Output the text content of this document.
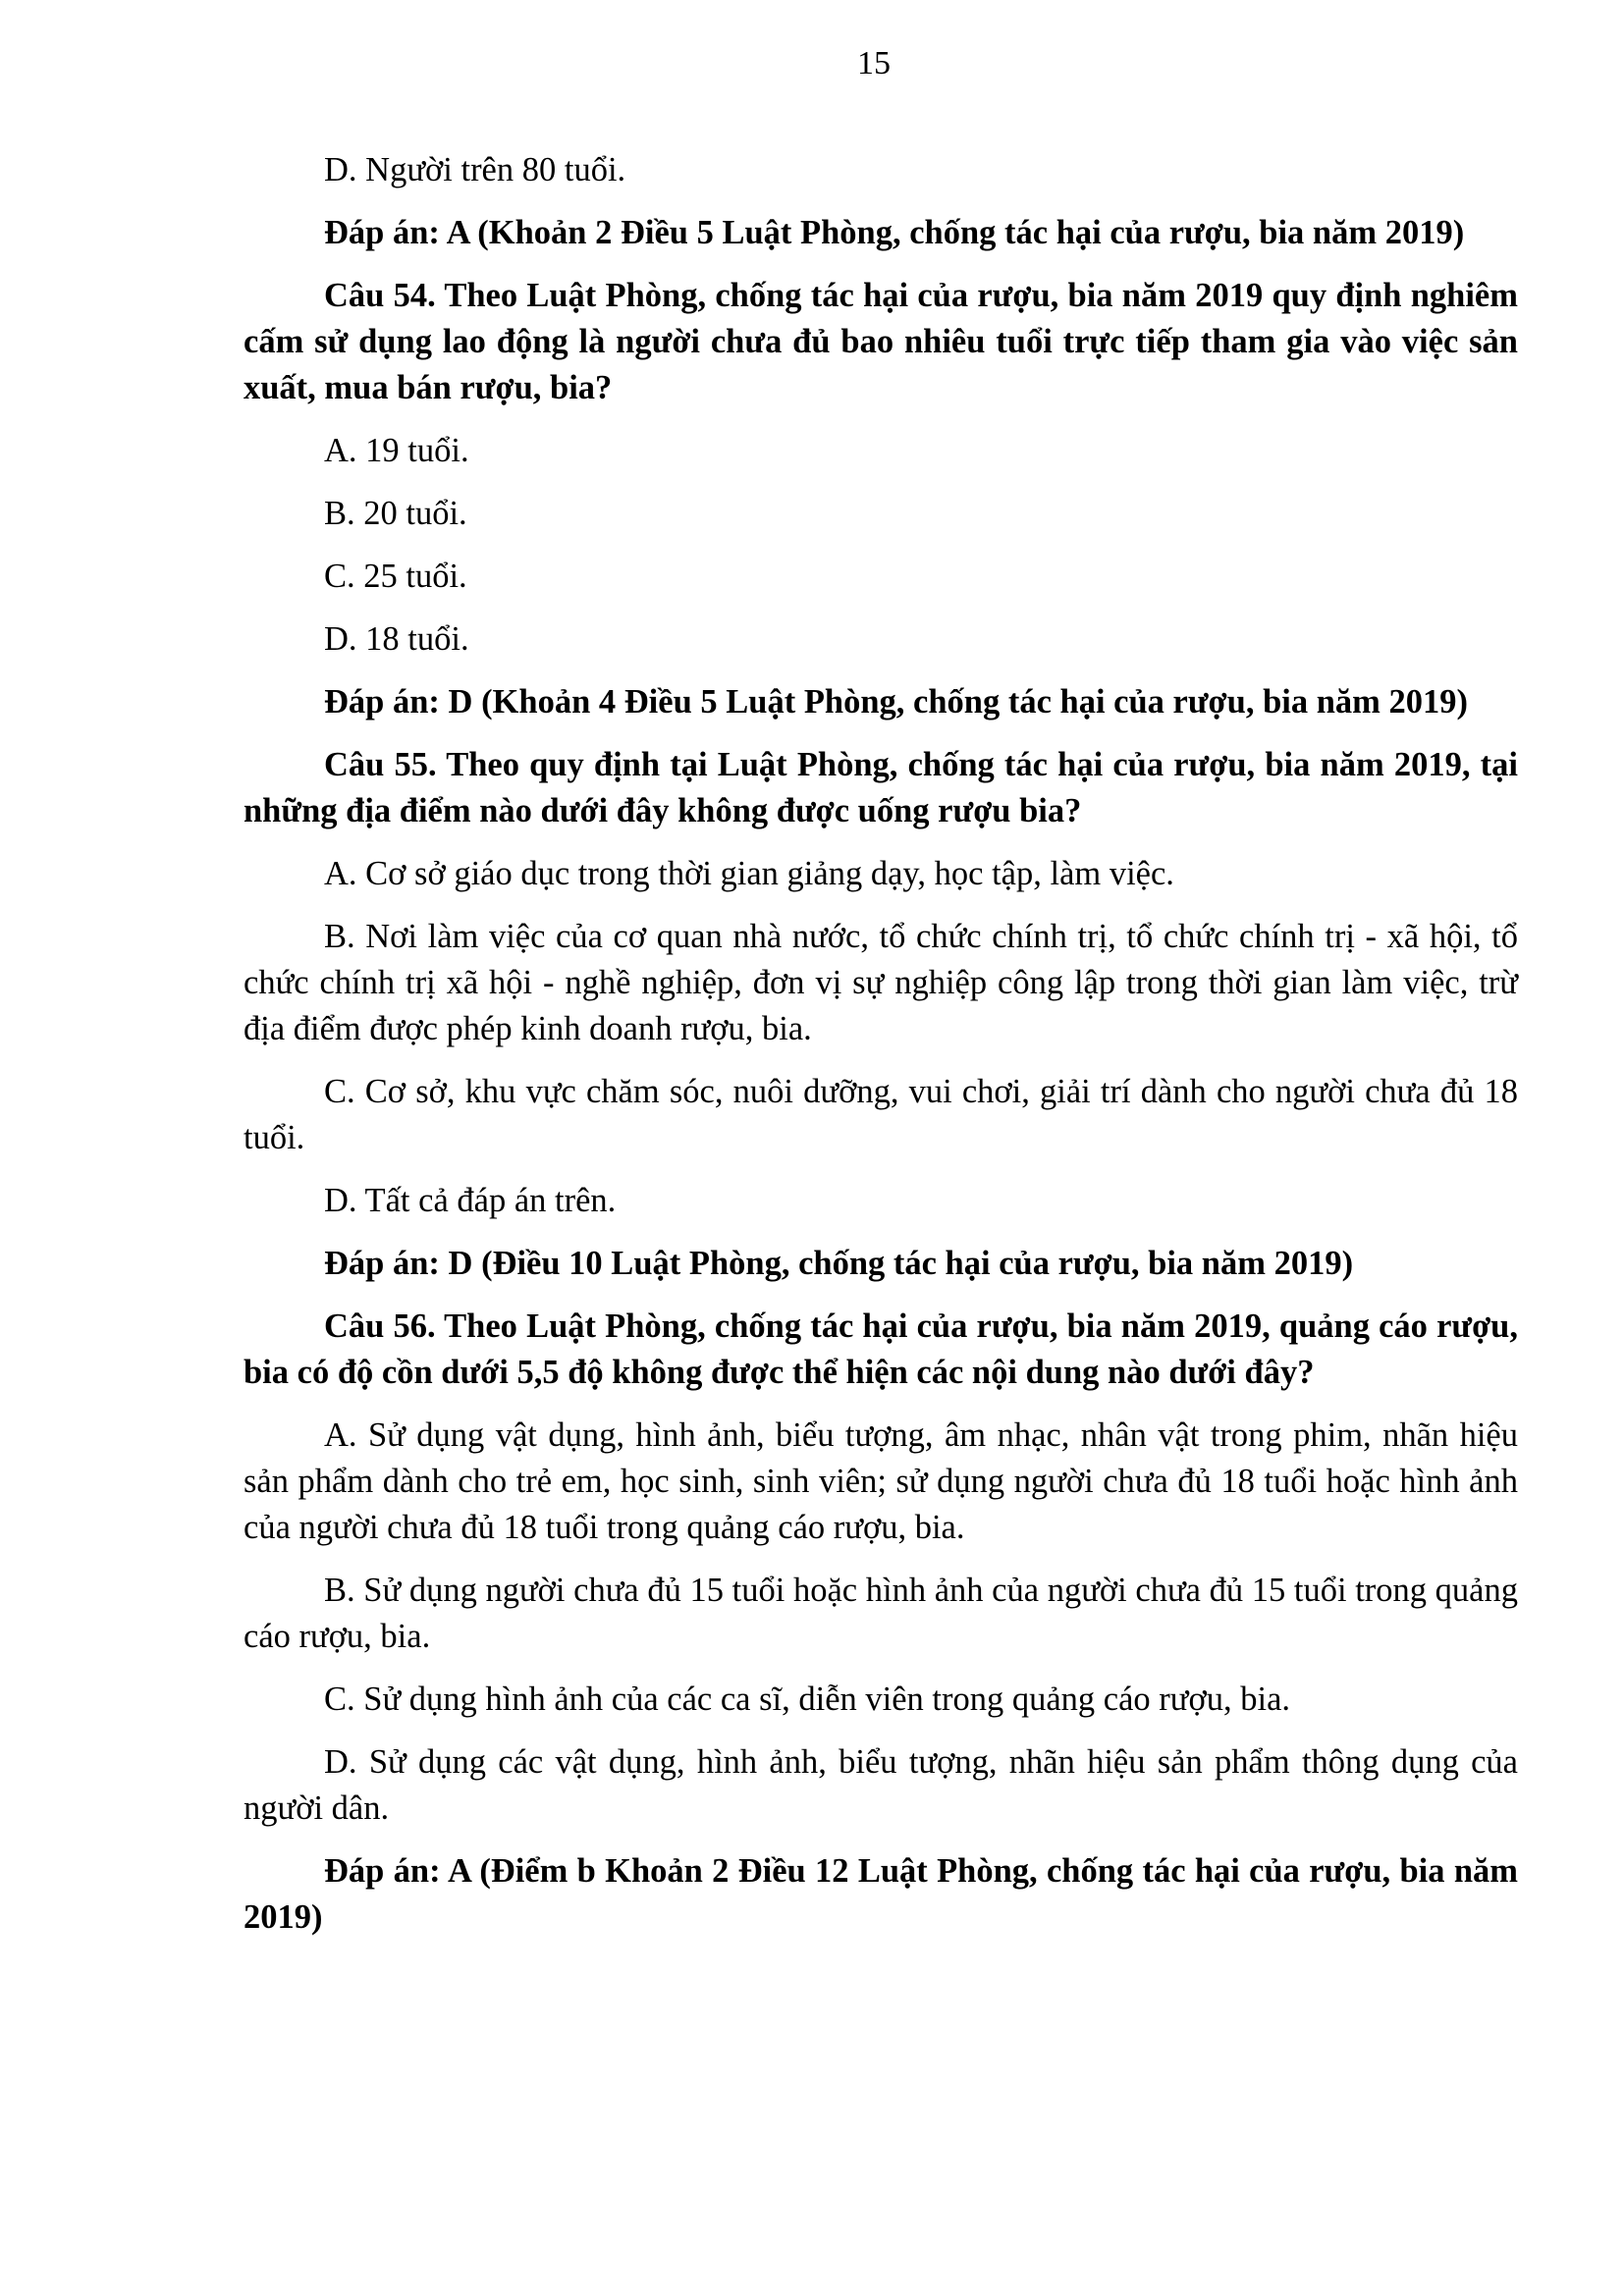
15

D. Người trên 80 tuổi.

Đáp án: A (Khoản 2 Điều 5 Luật Phòng, chống tác hại của rượu, bia năm 2019)

Câu 54. Theo Luật Phòng, chống tác hại của rượu, bia năm 2019 quy định nghiêm cấm sử dụng lao động là người chưa đủ bao nhiêu tuổi trực tiếp tham gia vào việc sản xuất, mua bán rượu, bia?

A. 19 tuổi.

B. 20 tuổi.

C. 25 tuổi.

D. 18 tuổi.

Đáp án: D (Khoản 4 Điều 5 Luật Phòng, chống tác hại của rượu, bia năm 2019)

Câu 55. Theo quy định tại Luật Phòng, chống tác hại của rượu, bia năm 2019, tại những địa điểm nào dưới đây không được uống rượu bia?

A. Cơ sở giáo dục trong thời gian giảng dạy, học tập, làm việc.

B. Nơi làm việc của cơ quan nhà nước, tổ chức chính trị, tổ chức chính trị - xã hội, tổ chức chính trị xã hội - nghề nghiệp, đơn vị sự nghiệp công lập trong thời gian làm việc, trừ địa điểm được phép kinh doanh rượu, bia.

C. Cơ sở, khu vực chăm sóc, nuôi dưỡng, vui chơi, giải trí dành cho người chưa đủ 18 tuổi.

D. Tất cả đáp án trên.

Đáp án: D (Điều 10 Luật Phòng, chống tác hại của rượu, bia năm 2019)

Câu 56. Theo Luật Phòng, chống tác hại của rượu, bia năm 2019, quảng cáo rượu, bia có độ cồn dưới 5,5 độ không được thể hiện các nội dung nào dưới đây?

A. Sử dụng vật dụng, hình ảnh, biểu tượng, âm nhạc, nhân vật trong phim, nhãn hiệu sản phẩm dành cho trẻ em, học sinh, sinh viên; sử dụng người chưa đủ 18 tuổi hoặc hình ảnh của người chưa đủ 18 tuổi trong quảng cáo rượu, bia.

B. Sử dụng người chưa đủ 15 tuổi hoặc hình ảnh của người chưa đủ 15 tuổi trong quảng cáo rượu, bia.

C. Sử dụng hình ảnh của các ca sĩ, diễn viên trong quảng cáo rượu, bia.

D. Sử dụng các vật dụng, hình ảnh, biểu tượng, nhãn hiệu sản phẩm thông dụng của người dân.

Đáp án: A (Điểm b Khoản 2 Điều 12 Luật Phòng, chống tác hại của rượu, bia năm 2019)
